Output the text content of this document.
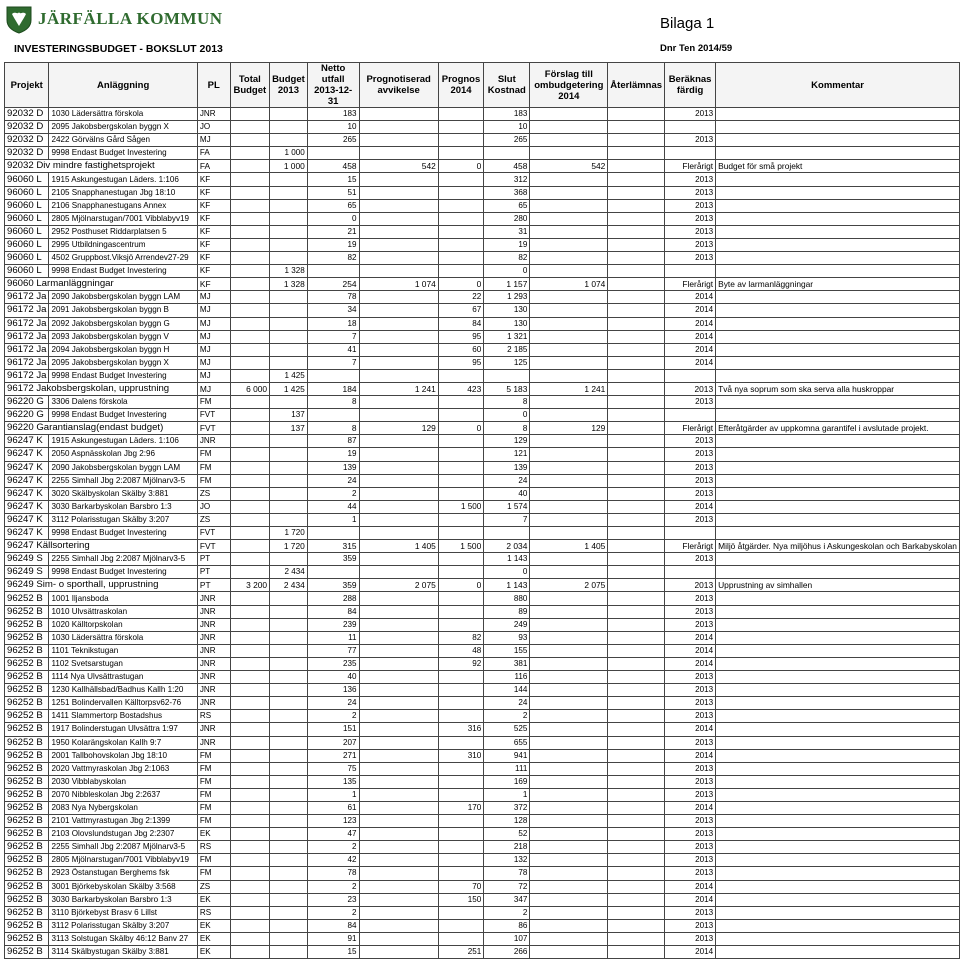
JÄRFÄLLA KOMMUN	Bilaga 1
INVESTERINGSBUDGET - BOKSLUT 2013	Dnr Ten 2014/59
Projekt	Anläggning	PL	Total Budget	Budget 2013	Netto utfall 2013-12-31	Prognotiserad avvikelse	Prognos 2014	Slut Kostnad	Förslag till ombudgetering 2014	Återlämnas	Beräknas färdig	Kommentar
92032 D	1030 Lädersättra förskola	JNR			183			183			2013	
92032 D	2095 Jakobsbergskolan byggn X	JO			10			10				
92032 D	2422 Görvälns Gård Sågen	MJ			265			265			2013	
92032 D	9998 Endast Budget Investering	FA		1 000								
92032 Div mindre fastighetsprojekt		FA		1 000	458	542	0	458	542		Flerårigt	Budget för små projekt
96060 L	1915 Askungestugan Läders. 1:106	KF			15			312			2013	
96060 L	2105 Snapphanestugan Jbg 18:10	KF			51			368			2013	
96060 L	2106 Snapphanestugans Annex	KF			65			65			2013	
96060 L	2805 Mjölnarstugan/7001 Vibblabyv19	KF			0			280			2013	
96060 L	2952 Posthuset Riddarplatsen 5	KF			21			31			2013	
96060 L	2995 Utbildningascentrum	KF			19			19			2013	
96060 L	4502 Gruppbost.Viksjö Arrendev27-29	KF			82			82			2013	
96060 L	9998 Endast Budget Investering	KF		1 328				0				
96060 Larmanläggningar		KF		1 328	254	1 074	0	1 157	1 074		Flerårigt	Byte av larmanläggningar
96172 Ja	2090 Jakobsbergskolan byggn LAM	MJ			78		22	1 293			2014	
96172 Ja	2091 Jakobsbergskolan byggn B	MJ			34		67	130			2014	
96172 Ja	2092 Jakobsbergskolan byggn G	MJ			18		84	130			2014	
96172 Ja	2093 Jakobsbergskolan byggn V	MJ			7		95	1 321			2014	
96172 Ja	2094 Jakobsbergskolan byggn H	MJ			41		60	2 185			2014	
96172 Ja	2095 Jakobsbergskolan byggn X	MJ			7		95	125			2014	
96172 Ja	9998 Endast Budget Investering	MJ		1 425								
96172 Jakobsbergskolan, upprustning		MJ	6 000	1 425	184	1 241	423	5 183	1 241		2013	Två nya soprum som ska serva alla huskroppar
96220 G	3306 Dalens förskola	FM			8			8			2013	
96220 G	9998 Endast Budget Investering	FVT		137				0				
96220 Garantianslag(endast budget)		FVT		137	8	129	0	8	129		Flerårigt	Efteråtgärder av uppkomna garantifel i avslutade projekt.
96247 K	1915 Askungestugan Läders. 1:106	JNR			87			129			2013	
96247 K	2050 Aspnässkolan Jbg 2:96	FM			19			121			2013	
96247 K	2090 Jakobsbergskolan byggn LAM	FM			139			139			2013	
96247 K	2255 Simhall Jbg 2:2087 Mjölnarv3-5	FM			24			24			2013	
96247 K	3020 Skälbyskolan Skälby 3:881	ZS			2			40			2013	
96247 K	3030 Barkarbyskolan Barsbro 1:3	JO			44		1 500	1 574			2014	
96247 K	3112 Polarisstugan Skälby 3:207	ZS			1			7			2013	
96247 K	9998 Endast Budget Investering	FVT		1 720								
96247 Källsortering		FVT		1 720	315	1 405	1 500	2 034	1 405		Flerårigt	Miljö åtgärder. Nya miljöhus i Askungeskolan och Barkabyskolan
96249 S	2255 Simhall Jbg 2:2087 Mjölnarv3-5	PT			359			1 143			2013	
96249 S	9998 Endast Budget Investering	PT		2 434				0				
96249 Sim- o sporthall, upprustning		PT	3 200	2 434	359	2 075	0	1 143	2 075		2013	Upprustning av simhallen
96252 B	1001 Iljansboda	JNR			288			880			2013	
96252 B	1010 Ulvsättraskolan	JNR			84			89			2013	
96252 B	1020 Källtorpskolan	JNR			239			249			2013	
96252 B	1030 Lädersättra förskola	JNR			11		82	93			2014	
96252 B	1101 Teknikstugan	JNR			77		48	155			2014	
96252 B	1102 Svetsarstugan	JNR			235		92	381			2014	
96252 B	1114 Nya Ulvsättrastugan	JNR			40			116			2013	
96252 B	1230 Kallhällsbad/Badhus Kallh 1:20	JNR			136			144			2013	
96252 B	1251 Bolindervallen Källtorpsv62-76	JNR			24			24			2013	
96252 B	1411 Slammertorp Bostadshus	RS			2			2			2013	
96252 B	1917 Bolinderstugan Ulvsättra 1:97	JNR			151		316	525			2014	
96252 B	1950 Kolarängskolan Kallh 9:7	JNR			207			655			2013	
96252 B	2001 Tallbohovskolan Jbg 18:10	FM			271		310	941			2014	
96252 B	2020 Vattmyraskolan Jbg 2:1063	FM			75			111			2013	
96252 B	2030 Vibblabyskolan	FM			135			169			2013	
96252 B	2070 Nibbleskolan Jbg 2:2637	FM			1			1			2013	
96252 B	2083 Nya Nybergskolan	FM			61		170	372			2014	
96252 B	2101 Vattmyrastugan Jbg 2:1399	FM			123			128			2013	
96252 B	2103 Olovslundstugan Jbg 2:2307	EK			47			52			2013	
96252 B	2255 Simhall Jbg 2:2087 Mjölnarv3-5	RS			2			218			2013	
96252 B	2805 Mjölnarstugan/7001 Vibblabyv19	FM			42			132			2013	
96252 B	2923 Östanstugan Berghems fsk	FM			78			78			2013	
96252 B	3001 Björkebyskolan Skälby 3:568	ZS			2		70	72			2014	
96252 B	3030 Barkarbyskolan Barsbro 1:3	EK			23		150	347			2014	
96252 B	3110 Björkebyst Brasv 6 Lillst	RS			2			2			2013	
96252 B	3112 Polarisstugan Skälby 3:207	EK			84			86			2013	
96252 B	3113 Solstugan Skälby 46:12 Banv 27	EK			91			107			2013	
96252 B	3114 Skälbystugan Skälby 3:881	EK			15		251	266			2014	
